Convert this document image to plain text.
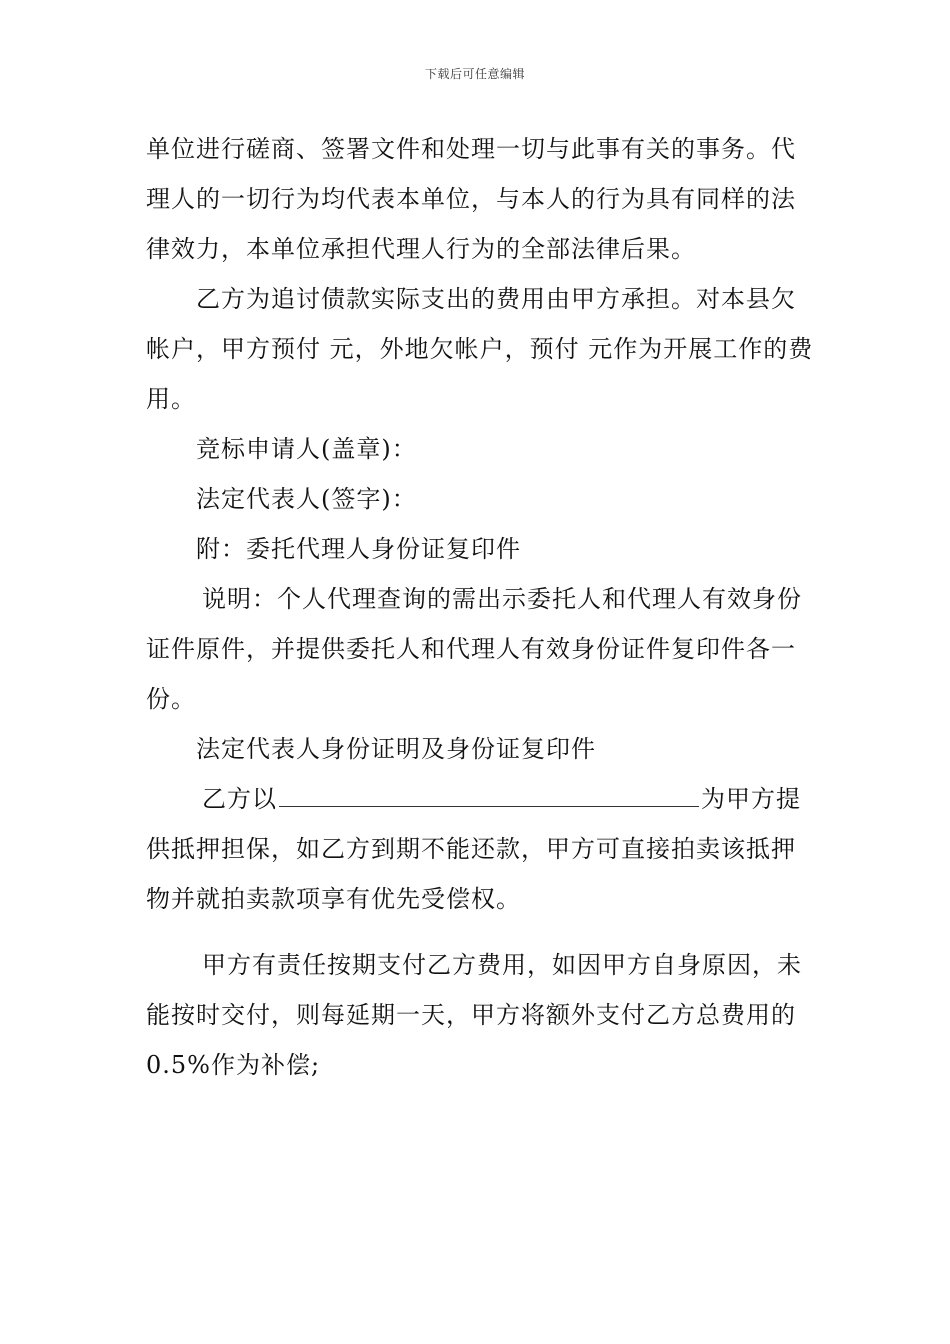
下载后可任意编辑

单位进行磋商、签署文件和处理一切与此事有关的事务。代理人的一切行为均代表本单位，与本人的行为具有同样的法律效力，本单位承担代理人行为的全部法律后果。

乙方为追讨债款实际支出的费用由甲方承担。对本县欠帐户，甲方预付 元，外地欠帐户，预付 元作为开展工作的费用。

竞标申请人(盖章)：

法定代表人(签字)：

附：委托代理人身份证复印件

说明：个人代理查询的需出示委托人和代理人有效身份证件原件，并提供委托人和代理人有效身份证件复印件各一份。

法定代表人身份证明及身份证复印件

乙方以	为甲方提供抵押担保，如乙方到期不能还款，甲方可直接拍卖该抵押物并就拍卖款项享有优先受偿权。

甲方有责任按期支付乙方费用，如因甲方自身原因，未能按时交付，则每延期一天，甲方将额外支付乙方总费用的0.5%作为补偿;
